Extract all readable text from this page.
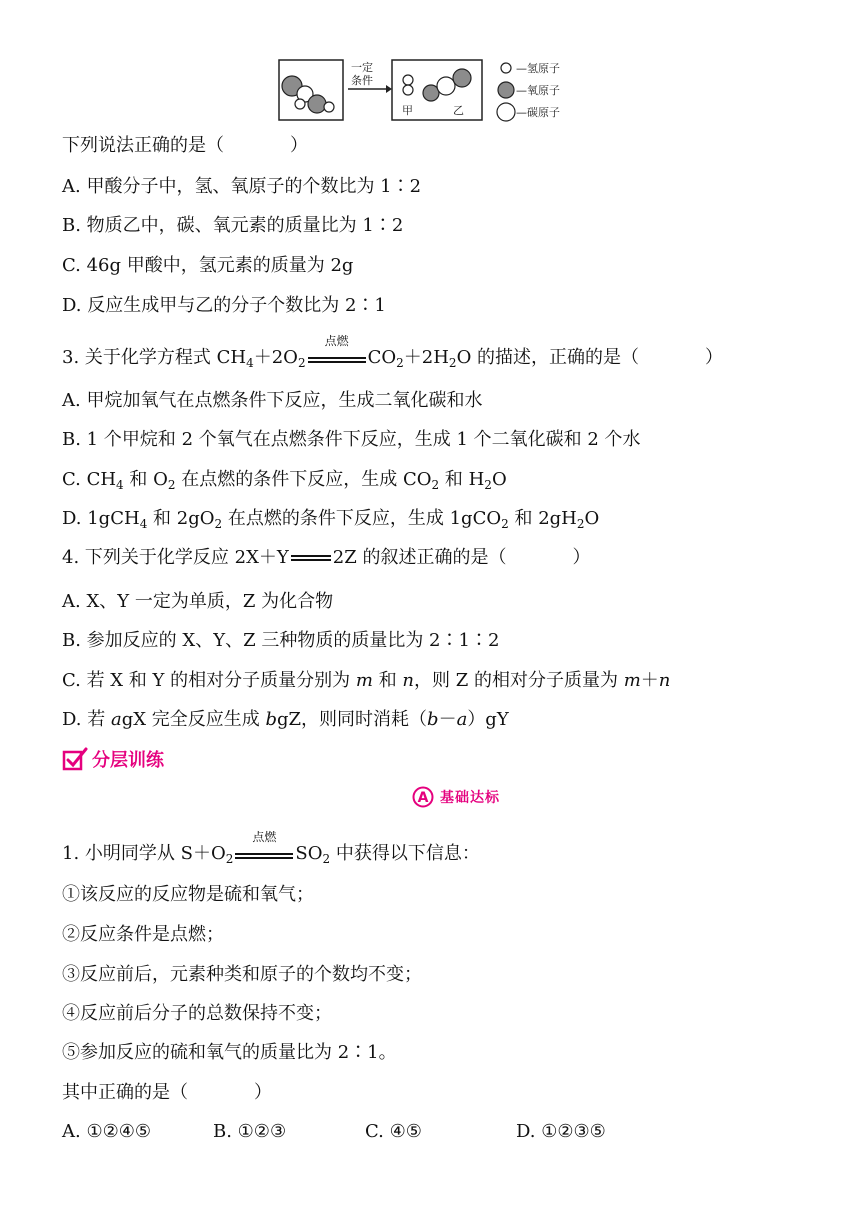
一定
条件
甲	乙
—氢原子
—氧原子
—碳原子
下列说法正确的是（	）
A. 甲酸分子中，氢、氧原子的个数比为 1∶2
B. 物质乙中，碳、氧元素的质量比为 1∶2
C. 46g 甲酸中，氢元素的质量为 2g
D. 反应生成甲与乙的分子个数比为 2∶1
3. 关于化学方程式 $CH_4+2O_2$
点燃
$CO_2+2H_2O$ 的描述，正确的是（	）
A. 甲烷加氧气在点燃条件下反应，生成二氧化碳和水
B. 1 个甲烷和 2 个氧气在点燃条件下反应，生成 1 个二氧化碳和 2 个水
C. $CH_4$ 和 $O_2$ 在点燃的条件下反应，生成 $CO_2$ 和 $H_2O$
D. 1gCH$_4$ 和 $2gO_2$ 在点燃的条件下反应，生成 1gCO$_2$ 和 $2gH_2O$
4. 下列关于化学反应 2X＋Y 2Z 的叙述正确的是（	）
A. X、Y 一定为单质，Z 为化合物
B. 参加反应的 X、Y、Z 三种物质的质量比为 2∶1∶2
C. 若 X 和 Y 的相对分子质量分别为 m 和 n，则 Z 的相对分子质量为 m＋n
D. 若 agX 完全反应生成 bgZ，则同时消耗（b－a）gY
分层训练
A 基础达标
1. 小明同学从 $S+O_2$
点燃
$SO_2$ 中获得以下信息：
①该反应的反应物是硫和氧气；
②反应条件是点燃；
③反应前后，元素种类和原子的个数均不变；
④反应前后分子的总数保持不变；
⑤参加反应的硫和氧气的质量比为 2∶1。
其中正确的是（	）
A. ①②④⑤	B. ①②③	C. ④⑤	D. ①②③⑤
